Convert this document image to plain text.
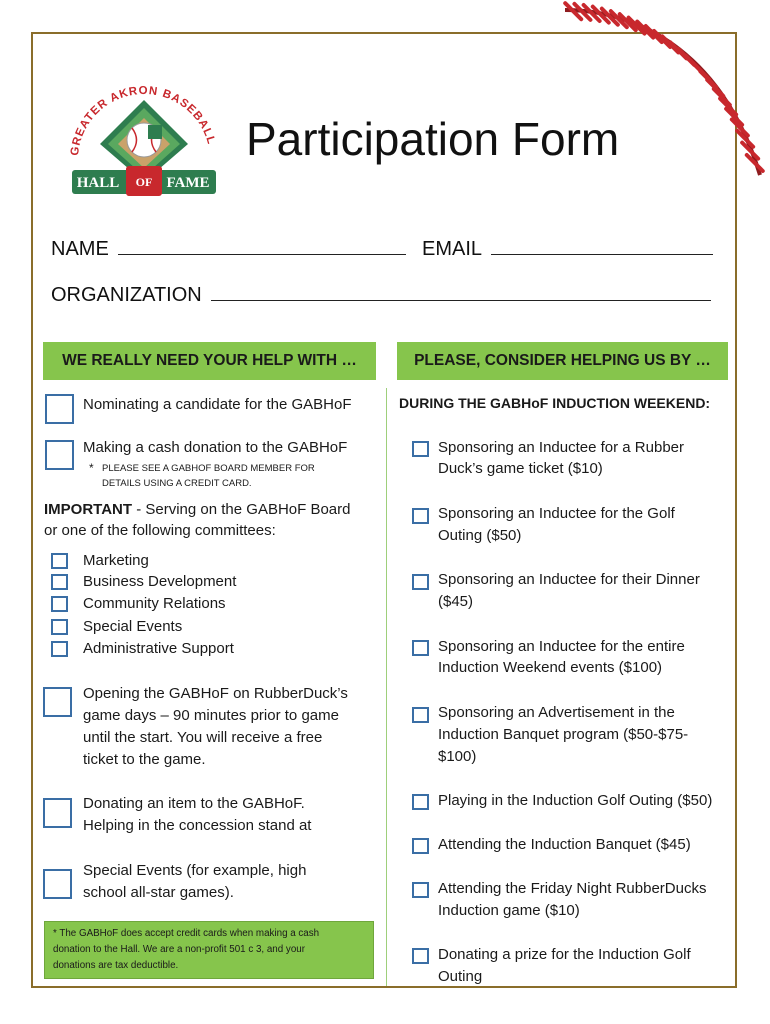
GREATER AKRON BASEBALL
HALL OF FAME
Participation Form
NAME	EMAIL
ORGANIZATION
WE REALLY NEED YOUR HELP WITH …	PLEASE, CONSIDER HELPING US BY …
Nominating a candidate for the GABHoF
Making a cash donation to the GABHoF
* PLEASE SEE A GABHOF BOARD MEMBER FOR
DETAILS USING A CREDIT CARD.
IMPORTANT - Serving on the GABHoF Board
or one of the following committees:
Marketing
Business Development
Community Relations
Special Events
Administrative Support
Opening the GABHoF on RubberDuck’s
game days – 90 minutes prior to game
until the start. You will receive a free
ticket to the game.
Donating an item to the GABHoF.
Helping in the concession stand at
Special Events (for example, high
school all-star games).
* The GABHoF does accept credit cards when making a cash
donation to the Hall. We are a non-profit 501 c 3, and your
donations are tax deductible.
DURING THE GABHoF INDUCTION WEEKEND:
Sponsoring an Inductee for a Rubber
Duck’s game ticket ($10)
Sponsoring an Inductee for the Golf
Outing ($50)
Sponsoring an Inductee for their Dinner
($45)
Sponsoring an Inductee for the entire
Induction Weekend events ($100)
Sponsoring an Advertisement in the
Induction Banquet program ($50-$75-
$100)
Playing in the Induction Golf Outing ($50)
Attending the Induction Banquet ($45)
Attending the Friday Night RubberDucks
Induction game ($10)
Donating a prize for the Induction Golf
Outing
